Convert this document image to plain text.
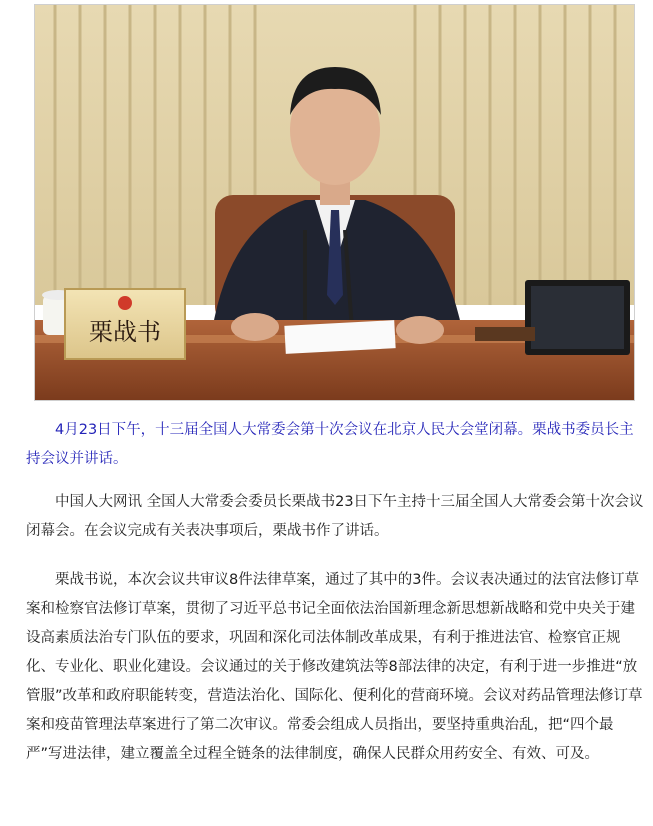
栗战书

4月23日下午，十三届全国人大常委会第十次会议在北京人民大会堂闭幕。栗战书委员长主持会议并讲话。

中国人大网讯 全国人大常委会委员长栗战书23日下午主持十三届全国人大常委会第十次会议闭幕会。在会议完成有关表决事项后，栗战书作了讲话。

栗战书说，本次会议共审议8件法律草案，通过了其中的3件。会议表决通过的法官法修订草案和检察官法修订草案，贯彻了习近平总书记全面依法治国新理念新思想新战略和党中央关于建设高素质法治专门队伍的要求，巩固和深化司法体制改革成果，有利于推进法官、检察官正规化、专业化、职业化建设。会议通过的关于修改建筑法等8部法律的决定，有利于进一步推进“放管服”改革和政府职能转变，营造法治化、国际化、便利化的营商环境。会议对药品管理法修订草案和疫苗管理法草案进行了第二次审议。常委会组成人员指出，要坚持重典治乱，把“四个最严”写进法律，建立覆盖全过程全链条的法律制度，确保人民群众用药安全、有效、可及。
